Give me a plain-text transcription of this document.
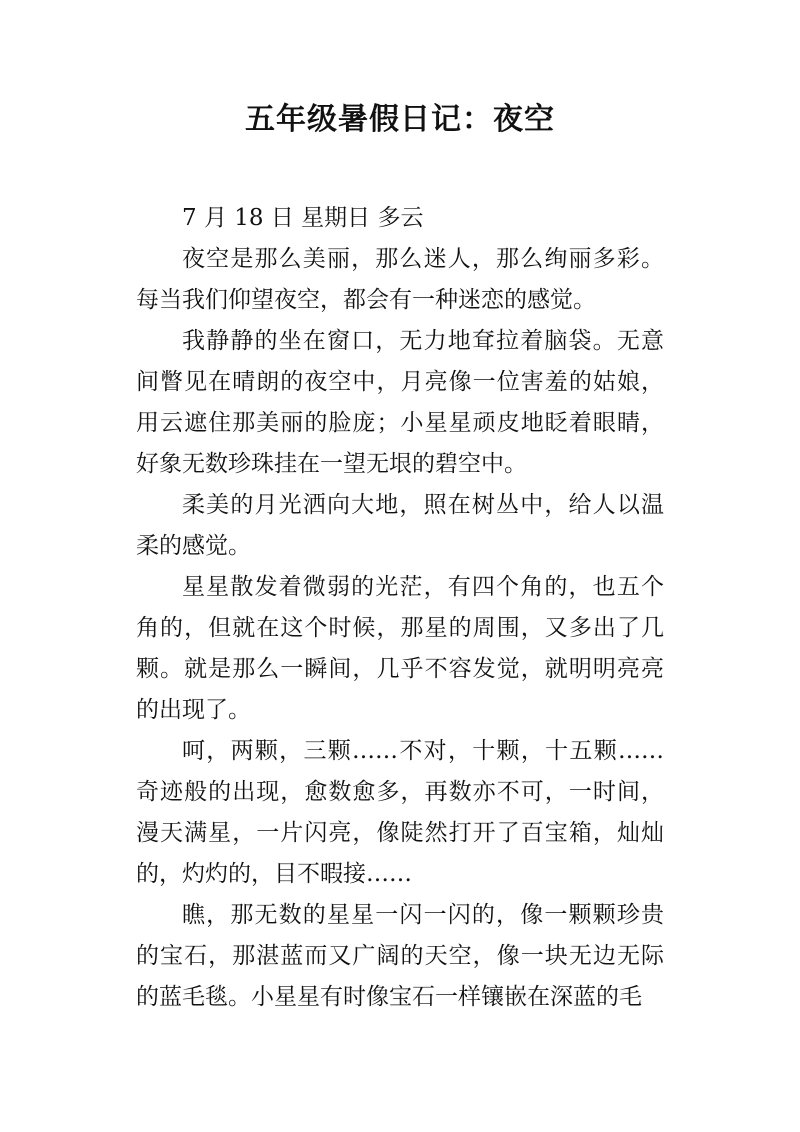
五年级暑假日记：夜空
7 月 18 日 星期日 多云

夜空是那么美丽，那么迷人，那么绚丽多彩。每当我们仰望夜空，都会有一种迷恋的感觉。

我静静的坐在窗口，无力地耷拉着脑袋。无意间瞥见在晴朗的夜空中，月亮像一位害羞的姑娘，用云遮住那美丽的脸庞；小星星顽皮地眨着眼睛，好象无数珍珠挂在一望无垠的碧空中。

柔美的月光洒向大地，照在树丛中，给人以温柔的感觉。

星星散发着微弱的光茫，有四个角的，也五个角的，但就在这个时候，那星的周围，又多出了几颗。就是那么一瞬间，几乎不容发觉，就明明亮亮的出现了。

呵，两颗，三颗……不对，十颗，十五颗……奇迹般的出现，愈数愈多，再数亦不可，一时间，漫天满星，一片闪亮，像陡然打开了百宝箱，灿灿的，灼灼的，目不暇接……

瞧，那无数的星星一闪一闪的，像一颗颗珍贵的宝石，那湛蓝而又广阔的天空，像一块无边无际的蓝毛毯。小星星有时像宝石一样镶嵌在深蓝的毛
